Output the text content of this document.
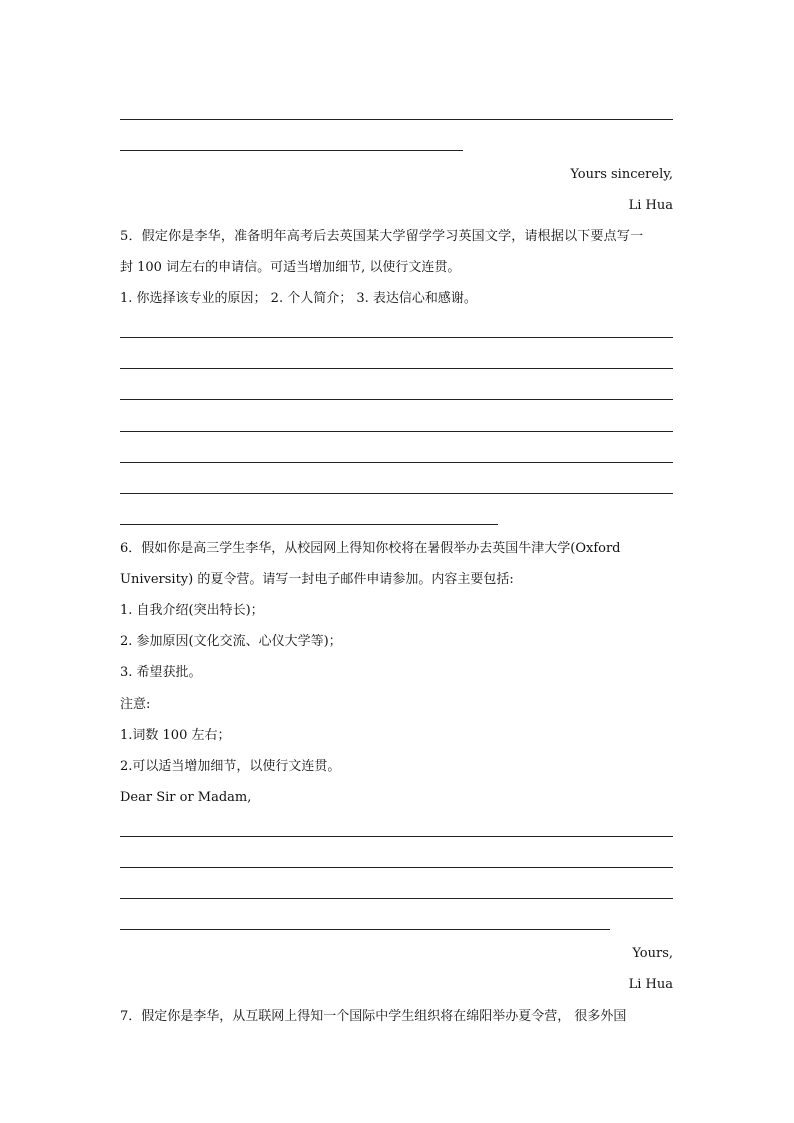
Yours sincerely,
Li Hua
5．假定你是李华，准备明年高考后去英国某大学留学学习英国文学，请根据以下要点写一
封 100 词左右的申请信。可适当增加细节, 以使行文连贯。
1. 你选择该专业的原因； 2. 个人简介； 3. 表达信心和感谢。
6．假如你是高三学生李华，从校园网上得知你校将在暑假举办去英国牛津大学(Oxford
University) 的夏令营。请写一封电子邮件申请参加。内容主要包括:
1. 自我介绍(突出特长)；
2. 参加原因(文化交流、心仪大学等)；
3. 希望获批。
注意:
1.词数 100 左右；
2.可以适当增加细节，以使行文连贯。
Dear Sir or Madam,
Yours,
Li Hua
7．假定你是李华，从互联网上得知一个国际中学生组织将在绵阳举办夏令营， 很多外国
